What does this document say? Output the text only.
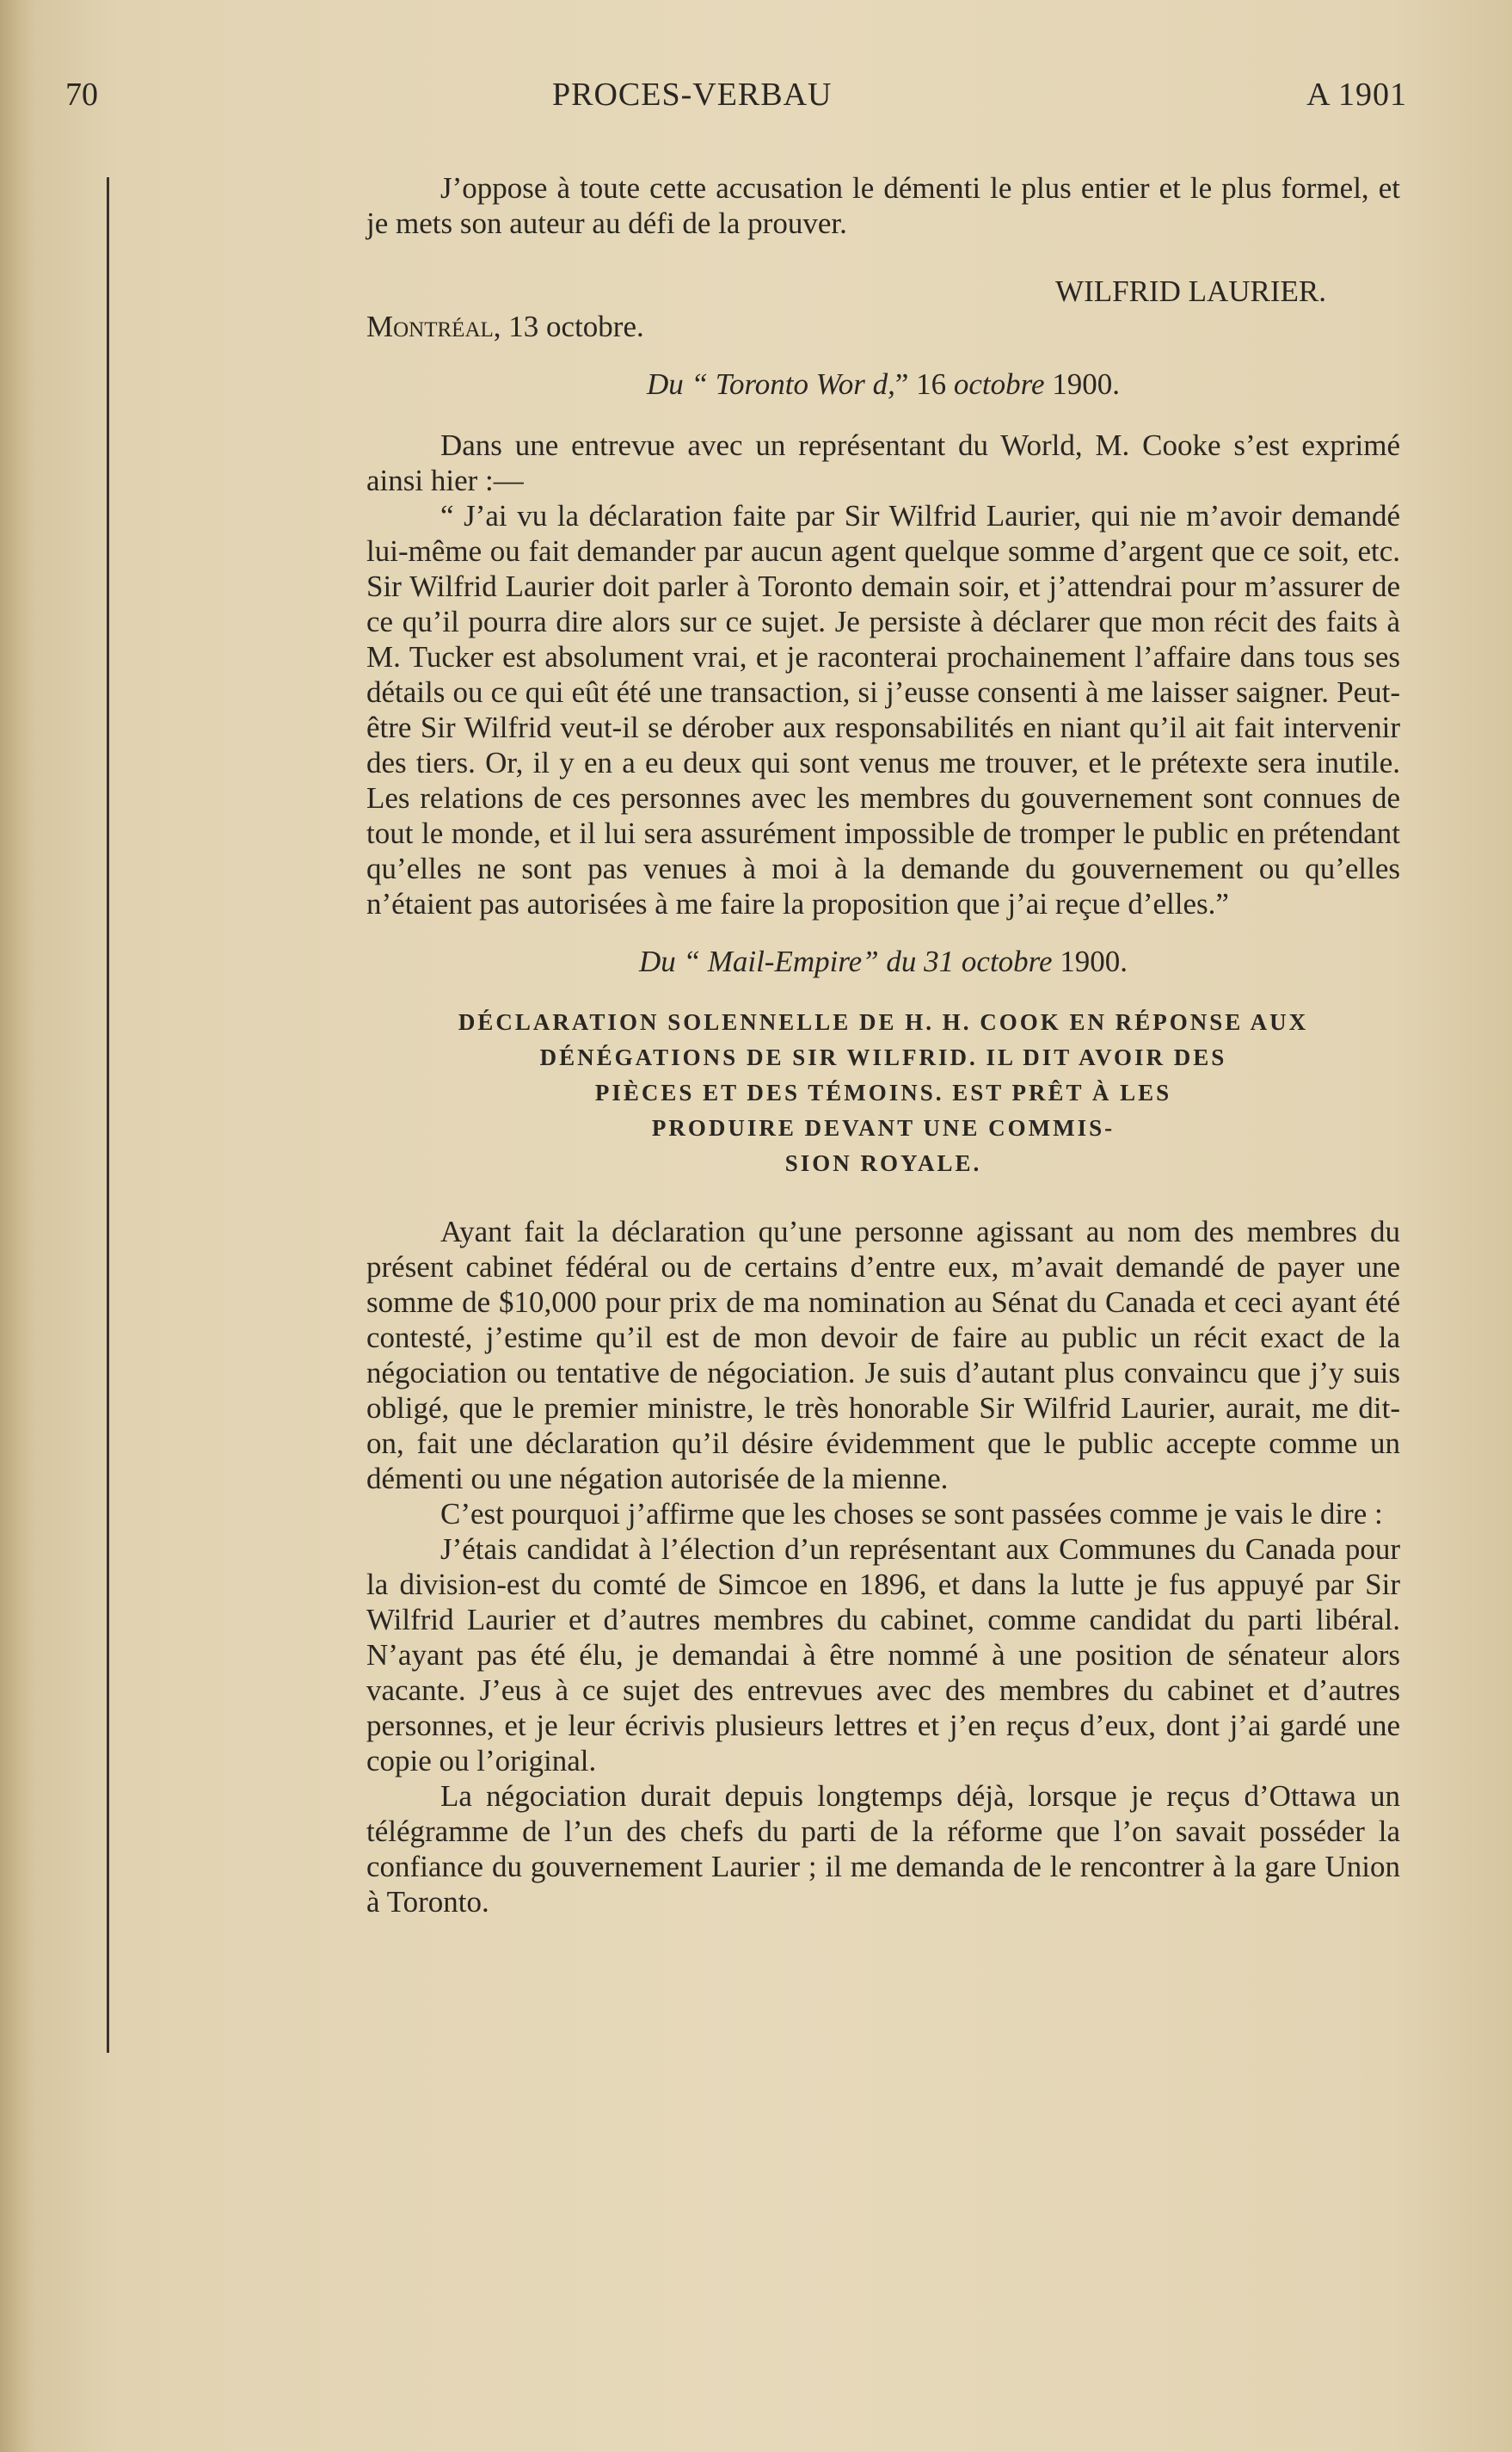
70	PROCES-VERBAU	A 1901

J’oppose à toute cette accusation le démenti le plus entier et le plus formel, et je mets son auteur au défi de la prouver.

WILFRID LAURIER.

Montréal, 13 octobre.

Du “ Toronto Wor d,” 16 octobre 1900.

Dans une entrevue avec un représentant du World, M. Cooke s’est exprimé ainsi hier :—

“ J’ai vu la déclaration faite par Sir Wilfrid Laurier, qui nie m’avoir demandé lui-même ou fait demander par aucun agent quelque somme d’argent que ce soit, etc. Sir Wilfrid Laurier doit parler à Toronto demain soir, et j’attendrai pour m’assurer de ce qu’il pourra dire alors sur ce sujet. Je persiste à déclarer que mon récit des faits à M. Tucker est absolument vrai, et je raconterai prochainement l’affaire dans tous ses détails ou ce qui eût été une transaction, si j’eusse consenti à me laisser saigner. Peut-être Sir Wilfrid veut-il se dérober aux responsabilités en niant qu’il ait fait intervenir des tiers. Or, il y en a eu deux qui sont venus me trouver, et le prétexte sera inutile. Les relations de ces personnes avec les membres du gouvernement sont connues de tout le monde, et il lui sera assurément impossible de tromper le public en prétendant qu’elles ne sont pas venues à moi à la demande du gouvernement ou qu’elles n’étaient pas autorisées à me faire la proposition que j’ai reçue d’elles.”

Du “ Mail-Empire” du 31 octobre 1900.

DÉCLARATION SOLENNELLE DE H. H. COOK EN RÉPONSE AUX
DÉNÉGATIONS DE SIR WILFRID. IL DIT AVOIR DES
PIÈCES ET DES TÉMOINS. EST PRÊT À LES
PRODUIRE DEVANT UNE COMMIS-
SION ROYALE.

Ayant fait la déclaration qu’une personne agissant au nom des membres du présent cabinet fédéral ou de certains d’entre eux, m’avait demandé de payer une somme de $10,000 pour prix de ma nomination au Sénat du Canada et ceci ayant été contesté, j’estime qu’il est de mon devoir de faire au public un récit exact de la négociation ou tentative de négociation. Je suis d’autant plus convaincu que j’y suis obligé, que le premier ministre, le très honorable Sir Wilfrid Laurier, aurait, me dit-on, fait une déclaration qu’il désire évidemment que le public accepte comme un démenti ou une négation autorisée de la mienne.

C’est pourquoi j’affirme que les choses se sont passées comme je vais le dire :

J’étais candidat à l’élection d’un représentant aux Communes du Canada pour la division-est du comté de Simcoe en 1896, et dans la lutte je fus appuyé par Sir Wilfrid Laurier et d’autres membres du cabinet, comme candidat du parti libéral. N’ayant pas été élu, je demandai à être nommé à une position de sénateur alors vacante. J’eus à ce sujet des entrevues avec des membres du cabinet et d’autres personnes, et je leur écrivis plusieurs lettres et j’en reçus d’eux, dont j’ai gardé une copie ou l’original.

La négociation durait depuis longtemps déjà, lorsque je reçus d’Ottawa un télégramme de l’un des chefs du parti de la réforme que l’on savait posséder la confiance du gouvernement Laurier ; il me demanda de le rencontrer à la gare Union à Toronto.
